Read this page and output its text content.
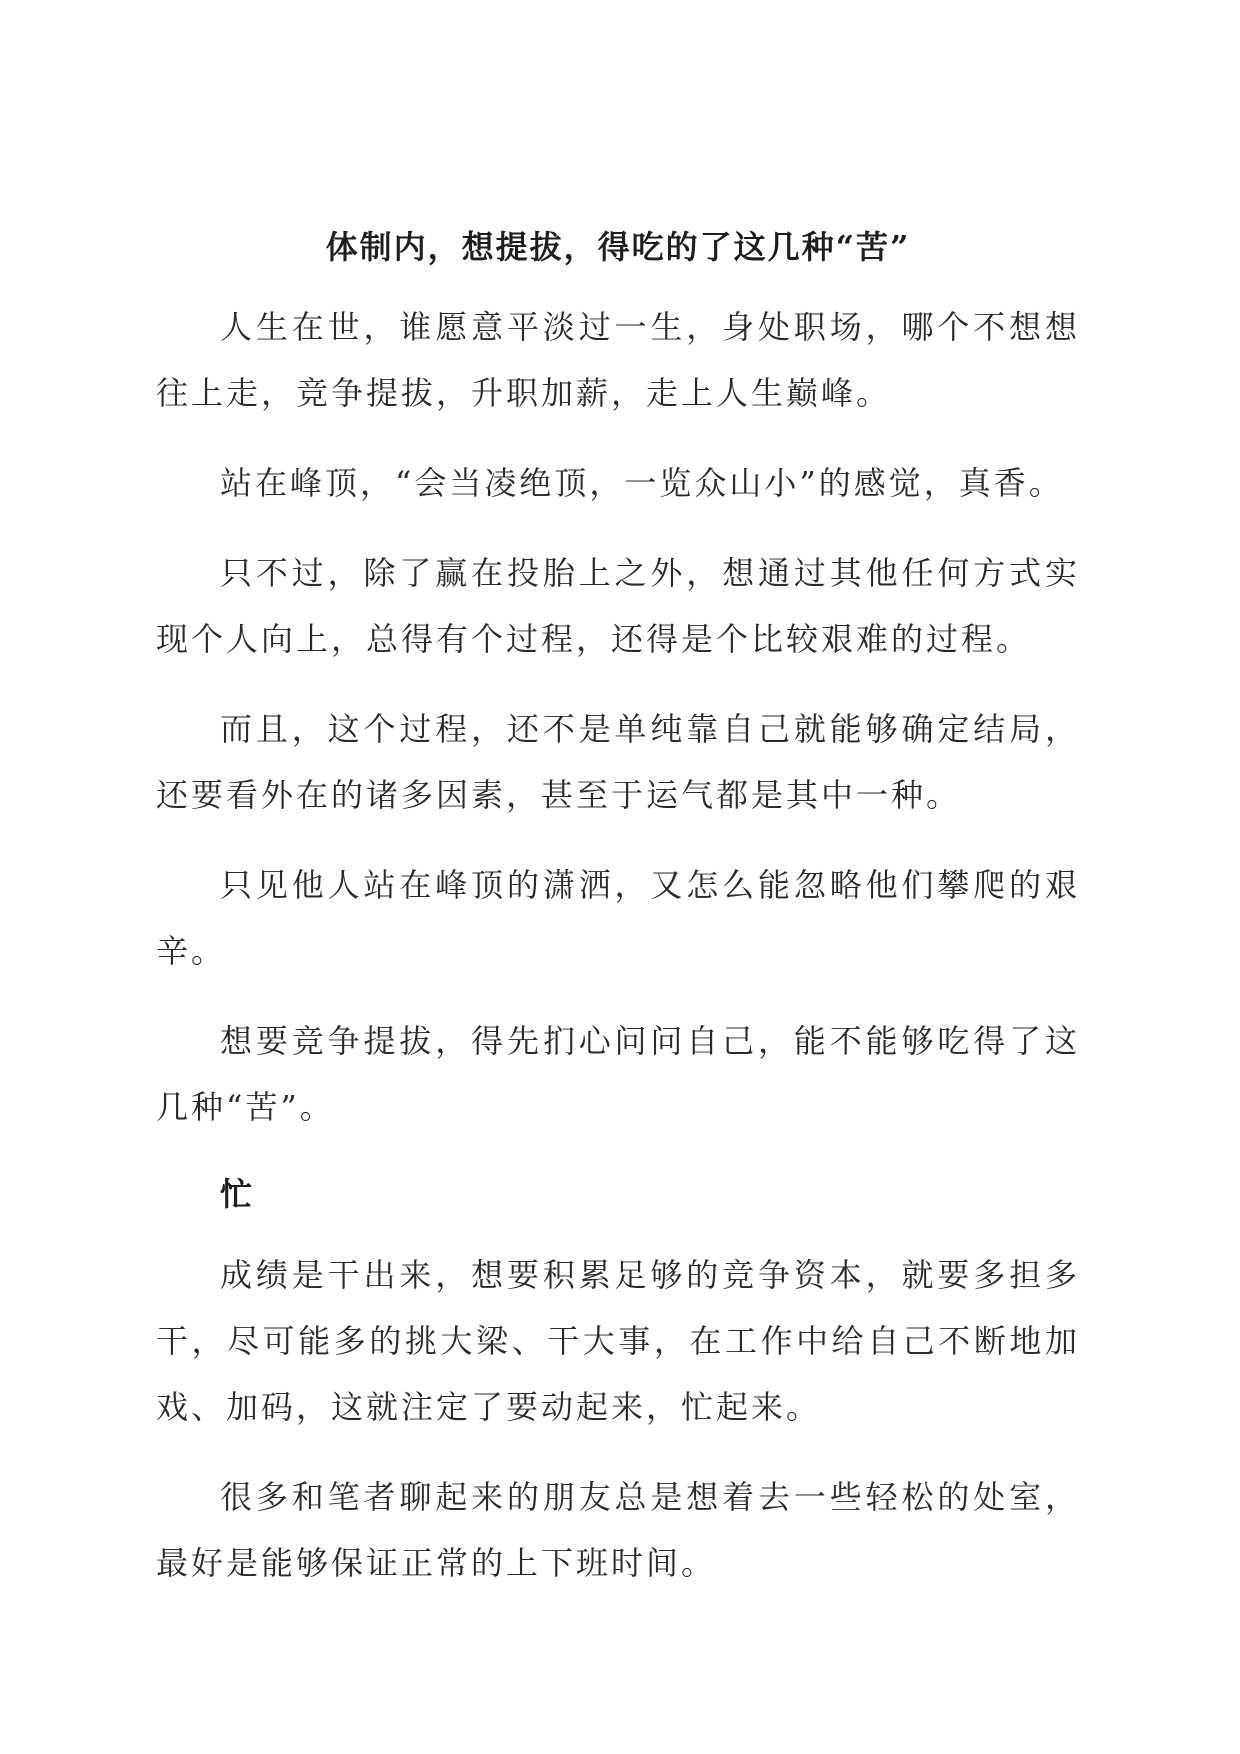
体制内，想提拔，得吃的了这几种“苦”

人生在世，谁愿意平淡过一生，身处职场，哪个不想想往上走，竞争提拔，升职加薪，走上人生巅峰。

站在峰顶，“会当凌绝顶，一览众山小”的感觉，真香。

只不过，除了赢在投胎上之外，想通过其他任何方式实现个人向上，总得有个过程，还得是个比较艰难的过程。

而且，这个过程，还不是单纯靠自己就能够确定结局，还要看外在的诸多因素，甚至于运气都是其中一种。

只见他人站在峰顶的潇洒，又怎么能忽略他们攀爬的艰辛。

想要竞争提拔，得先扪心问问自己，能不能够吃得了这几种“苦”。

忙

成绩是干出来，想要积累足够的竞争资本，就要多担多干，尽可能多的挑大梁、干大事，在工作中给自己不断地加戏、加码，这就注定了要动起来，忙起来。

很多和笔者聊起来的朋友总是想着去一些轻松的处室，最好是能够保证正常的上下班时间。
